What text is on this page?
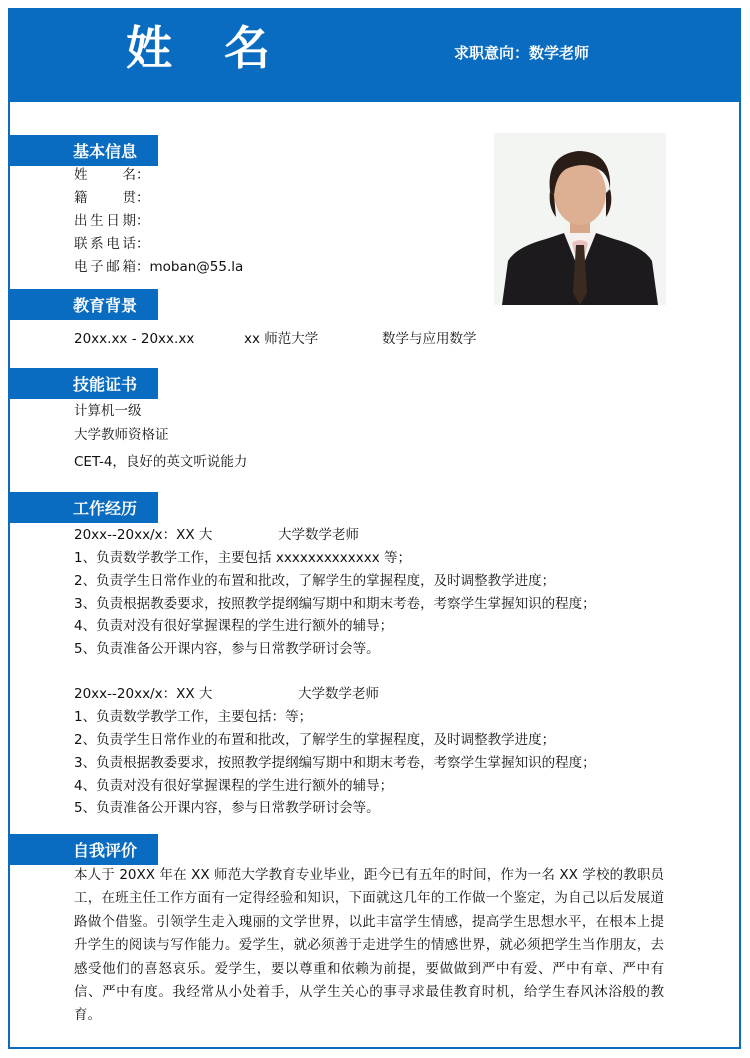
姓 名	求职意向：数学老师
基本信息
姓名：
籍贯：
出生日期：
联系电话：
电子邮箱：moban@55.la
教育背景
20xx.xx - 20xx.xx	xx 师范大学	数学与应用数学
技能证书
计算机一级
大学教师资格证
CET-4，良好的英文听说能力
工作经历
20xx--20xx/x：XX 大	大学数学老师
1、负责数学教学工作，主要包括 xxxxxxxxxxxxx 等；
2、负责学生日常作业的布置和批改，了解学生的掌握程度，及时调整教学进度；
3、负责根据教委要求，按照教学提纲编写期中和期末考卷，考察学生掌握知识的程度；
4、负责对没有很好掌握课程的学生进行额外的辅导；
5、负责准备公开课内容，参与日常教学研讨会等。
20xx--20xx/x：XX 大	大学数学老师
1、负责数学教学工作，主要包括：等；
2、负责学生日常作业的布置和批改，了解学生的掌握程度，及时调整教学进度；
3、负责根据教委要求，按照教学提纲编写期中和期末考卷，考察学生掌握知识的程度；
4、负责对没有很好掌握课程的学生进行额外的辅导；
5、负责准备公开课内容，参与日常教学研讨会等。
自我评价
本人于 20XX 年在 XX 师范大学教育专业毕业，距今已有五年的时间，作为一名 XX 学校的教职员工，在班主任工作方面有一定得经验和知识，下面就这几年的工作做一个鉴定，为自己以后发展道路做个借鉴。引领学生走入瑰丽的文学世界，以此丰富学生情感，提高学生思想水平，在根本上提升学生的阅读与写作能力。爱学生，就必须善于走进学生的情感世界，就必须把学生当作朋友，去感受他们的喜怒哀乐。爱学生，要以尊重和依赖为前提，要做做到严中有爱、严中有章、严中有信、严中有度。我经常从小处着手，从学生关心的事寻求最佳教育时机，给学生春风沐浴般的教育。
